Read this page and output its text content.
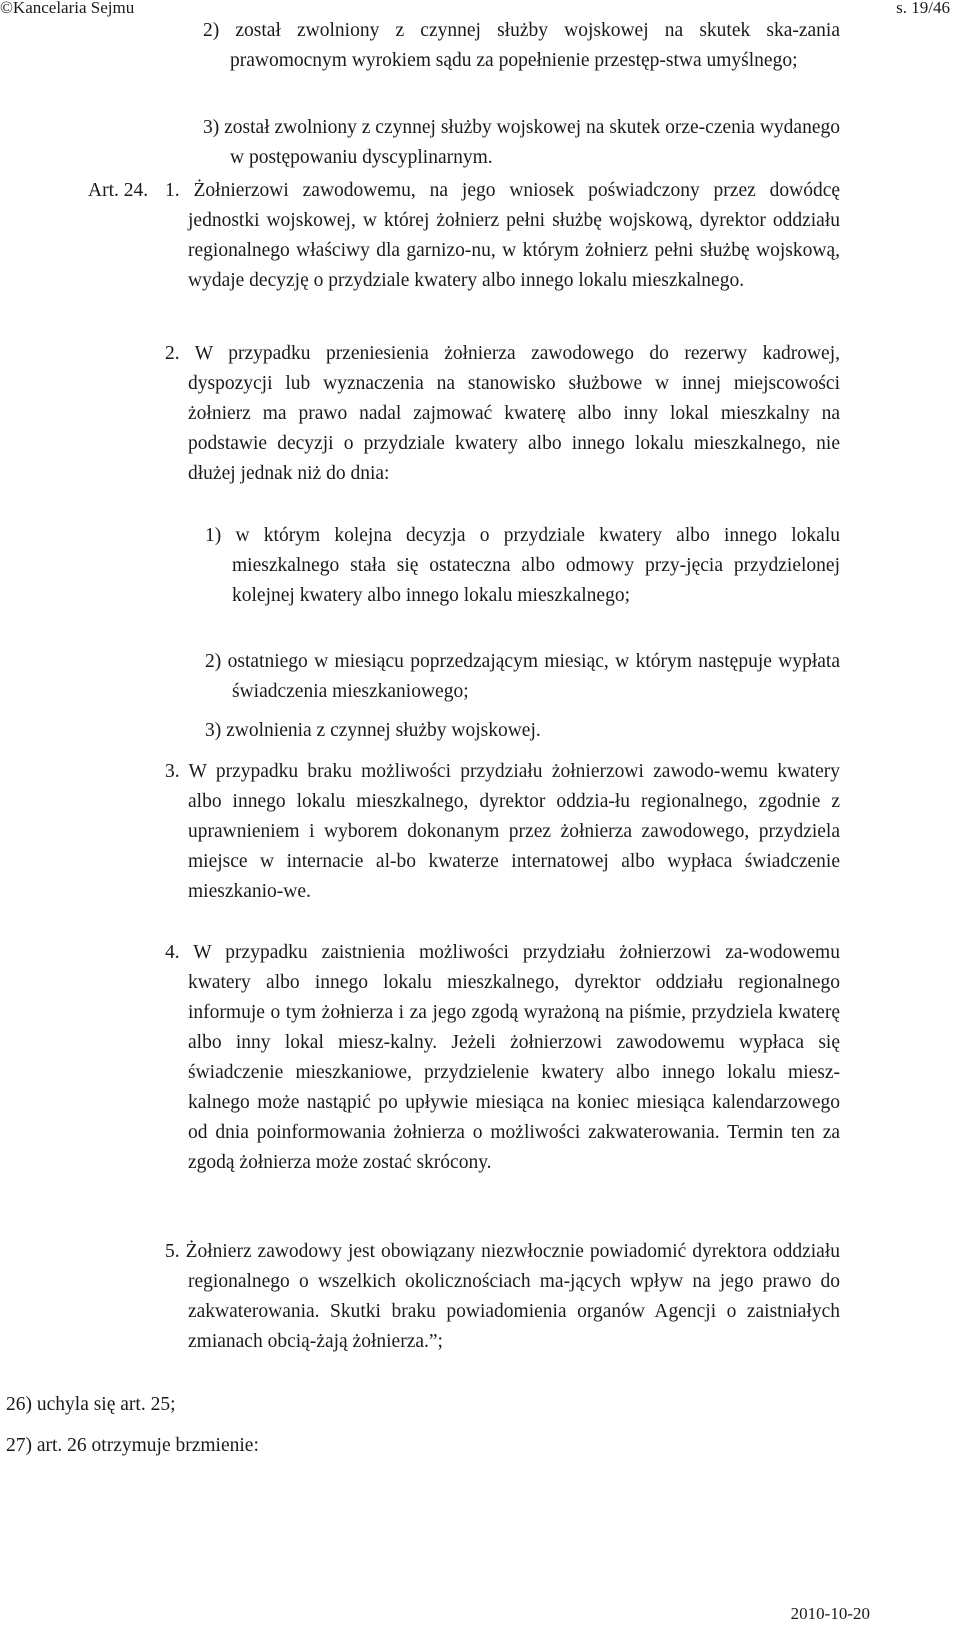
©Kancelaria Sejmu	s. 19/46

2) został zwolniony z czynnej służby wojskowej na skutek ska-zania prawomocnym wyrokiem sądu za popełnienie przestęp-stwa umyślnego;

3) został zwolniony z czynnej służby wojskowej na skutek orze-czenia wydanego w postępowaniu dyscyplinarnym.

Art. 24. 1. Żołnierzowi zawodowemu, na jego wniosek poświadczony przez dowódcę jednostki wojskowej, w której żołnierz pełni służbę wojskową, dyrektor oddziału regionalnego właściwy dla garnizo-nu, w którym żołnierz pełni służbę wojskową, wydaje decyzję o przydziale kwatery albo innego lokalu mieszkalnego.

2. W przypadku przeniesienia żołnierza zawodowego do rezerwy kadrowej, dyspozycji lub wyznaczenia na stanowisko służbowe w innej miejscowości żołnierz ma prawo nadal zajmować kwaterę albo inny lokal mieszkalny na podstawie decyzji o przydziale kwatery albo innego lokalu mieszkalnego, nie dłużej jednak niż do dnia:

1) w którym kolejna decyzja o przydziale kwatery albo innego lokalu mieszkalnego stała się ostateczna albo odmowy przy-jęcia przydzielonej kolejnej kwatery albo innego lokalu mieszkalnego;

2) ostatniego w miesiącu poprzedzającym miesiąc, w którym następuje wypłata świadczenia mieszkaniowego;

3) zwolnienia z czynnej służby wojskowej.

3. W przypadku braku możliwości przydziału żołnierzowi zawodo-wemu kwatery albo innego lokalu mieszkalnego, dyrektor oddzia-łu regionalnego, zgodnie z uprawnieniem i wyborem dokonanym przez żołnierza zawodowego, przydziela miejsce w internacie al-bo kwaterze internatowej albo wypłaca świadczenie mieszkanio-we.

4. W przypadku zaistnienia możliwości przydziału żołnierzowi za-wodowemu kwatery albo innego lokalu mieszkalnego, dyrektor oddziału regionalnego informuje o tym żołnierza i za jego zgodą wyrażoną na piśmie, przydziela kwaterę albo inny lokal miesz-kalny. Jeżeli żołnierzowi zawodowemu wypłaca się świadczenie mieszkaniowe, przydzielenie kwatery albo innego lokalu miesz-kalnego może nastąpić po upływie miesiąca na koniec miesiąca kalendarzowego od dnia poinformowania żołnierza o możliwości zakwaterowania. Termin ten za zgodą żołnierza może zostać skrócony.

5. Żołnierz zawodowy jest obowiązany niezwłocznie powiadomić dyrektora oddziału regionalnego o wszelkich okolicznościach ma-jących wpływ na jego prawo do zakwaterowania. Skutki braku powiadomienia organów Agencji o zaistniałych zmianach obcią-żają żołnierza.”;

26) uchyla się art. 25;
27) art. 26 otrzymuje brzmienie:
2010-10-20
